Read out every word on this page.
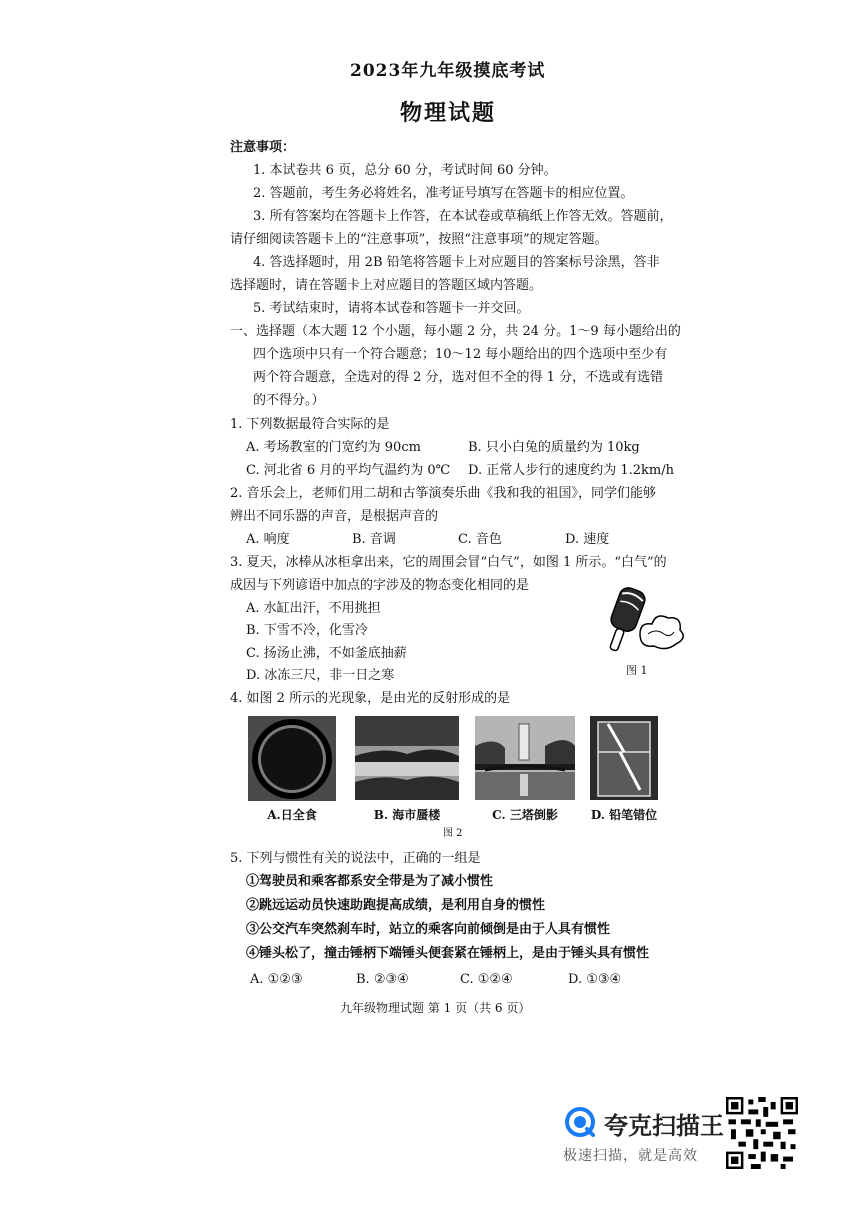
2023年九年级摸底考试
物理试题
注意事项：
1. 本试卷共 6 页，总分 60 分，考试时间 60 分钟。
2. 答题前，考生务必将姓名，准考证号填写在答题卡的相应位置。
3. 所有答案均在答题卡上作答，在本试卷或草稿纸上作答无效。答题前，
请仔细阅读答题卡上的“注意事项”，按照“注意事项”的规定答题。
4. 答选择题时，用 2B 铅笔将答题卡上对应题目的答案标号涂黑，答非
选择题时，请在答题卡上对应题目的答题区域内答题。
5. 考试结束时，请将本试卷和答题卡一并交回。
一、选择题（本大题 12 个小题，每小题 2 分，共 24 分。1～9 每小题给出的
四个选项中只有一个符合题意；10～12 每小题给出的四个选项中至少有
两个符合题意，全选对的得 2 分，选对但不全的得 1 分，不选或有选错
的不得分。）
1. 下列数据最符合实际的是
A. 考场教室的门宽约为 90cm	B. 只小白兔的质量约为 10kg
C. 河北省 6 月的平均气温约为 0℃ D. 正常人步行的速度约为 1.2km/h
2. 音乐会上，老师们用二胡和古筝演奏乐曲《我和我的祖国》，同学们能够
辨出不同乐器的声音，是根据声音的
A. 响度	B. 音调	C. 音色	D. 速度
3. 夏天，冰棒从冰柜拿出来，它的周围会冒“白气”，如图 1 所示。“白气”的
成因与下列谚语中加点的字涉及的物态变化相同的是
A. 水缸出汗，不用挑担
B. 下雪不冷，化雪冷
C. 扬汤止沸，不如釜底抽薪
D. 冰冻三尺，非一日之寒	图 1
4. 如图 2 所示的光现象，是由光的反射形成的是
A.日全食	B. 海市蜃楼	C. 三塔倒影	D. 铅笔错位
图 2
5. 下列与惯性有关的说法中，正确的一组是
①驾驶员和乘客都系安全带是为了减小惯性
②跳远运动员快速助跑提高成绩，是利用自身的惯性
③公交汽车突然刹车时，站立的乘客向前倾倒是由于人具有惯性
④锤头松了，撞击锤柄下端锤头便套紧在锤柄上，是由于锤头具有惯性
A. ①②③	B. ②③④	C. ①②④	D. ①③④
九年级物理试题 第 1 页（共 6 页）
夸克扫描王
极速扫描，就是高效
